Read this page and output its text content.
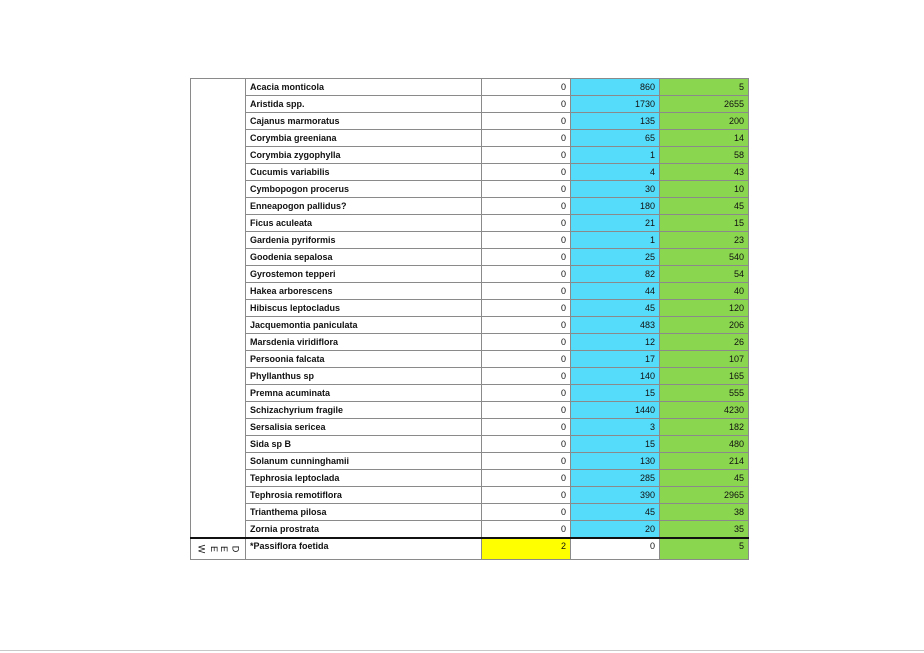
	Acacia monticola	0	860	5
	Aristida spp.	0	1730	2655
	Cajanus marmoratus	0	135	200
	Corymbia greeniana	0	65	14
	Corymbia zygophylla	0	1	58
	Cucumis variabilis	0	4	43
	Cymbopogon procerus	0	30	10
	Enneapogon pallidus?	0	180	45
	Ficus aculeata	0	21	15
	Gardenia pyriformis	0	1	23
	Goodenia sepalosa	0	25	540
	Gyrostemon tepperi	0	82	54
	Hakea arborescens	0	44	40
	Hibiscus leptocladus	0	45	120
	Jacquemontia paniculata	0	483	206
	Marsdenia viridiflora	0	12	26
	Persoonia falcata	0	17	107
	Phyllanthus sp	0	140	165
	Premna acuminata	0	15	555
	Schizachyrium fragile	0	1440	4230
	Sersalisia sericea	0	3	182
	Sida sp B	0	15	480
	Solanum cunninghamii	0	130	214
	Tephrosia leptoclada	0	285	45
	Tephrosia remotiflora	0	390	2965
	Trianthema pilosa	0	45	38
	Zornia prostrata	0	20	35

W E E D	*Passiflora foetida	2	0	5
